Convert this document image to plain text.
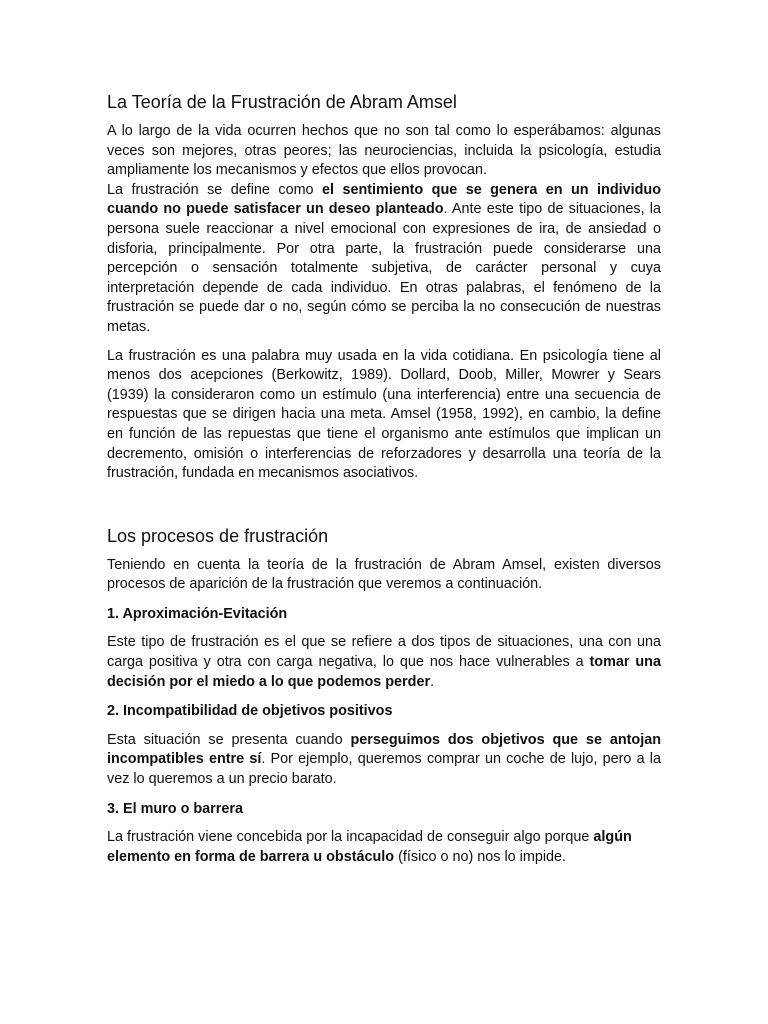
La Teoría de la Frustración de Abram Amsel

A lo largo de la vida ocurren hechos que no son tal como lo esperábamos: algunas veces son mejores, otras peores; las neurociencias, incluida la psicología, estudia ampliamente los mecanismos y efectos que ellos provocan.

La frustración se define como el sentimiento que se genera en un individuo cuando no puede satisfacer un deseo planteado. Ante este tipo de situaciones, la persona suele reaccionar a nivel emocional con expresiones de ira, de ansiedad o disforia, principalmente. Por otra parte, la frustración puede considerarse una percepción o sensación totalmente subjetiva, de carácter personal y cuya interpretación depende de cada individuo. En otras palabras, el fenómeno de la frustración se puede dar o no, según cómo se perciba la no consecución de nuestras metas.

La frustración es una palabra muy usada en la vida cotidiana. En psicología tiene al menos dos acepciones (Berkowitz, 1989). Dollard, Doob, Miller, Mowrer y Sears (1939) la consideraron como un estímulo (una interferencia) entre una secuencia de respuestas que se dirigen hacia una meta. Amsel (1958, 1992), en cambio, la define en función de las repuestas que tiene el organismo ante estímulos que implican un decremento, omisión o interferencias de reforzadores y desarrolla una teoría de la frustración, fundada en mecanismos asociativos.

Los procesos de frustración

Teniendo en cuenta la teoría de la frustración de Abram Amsel, existen diversos procesos de aparición de la frustración que veremos a continuación.

1. Aproximación-Evitación

Este tipo de frustración es el que se refiere a dos tipos de situaciones, una con una carga positiva y otra con carga negativa, lo que nos hace vulnerables a tomar una decisión por el miedo a lo que podemos perder.

2. Incompatibilidad de objetivos positivos

Esta situación se presenta cuando perseguimos dos objetivos que se antojan incompatibles entre sí. Por ejemplo, queremos comprar un coche de lujo, pero a la vez lo queremos a un precio barato.

3. El muro o barrera

La frustración viene concebida por la incapacidad de conseguir algo porque algún elemento en forma de barrera u obstáculo (físico o no) nos lo impide.
